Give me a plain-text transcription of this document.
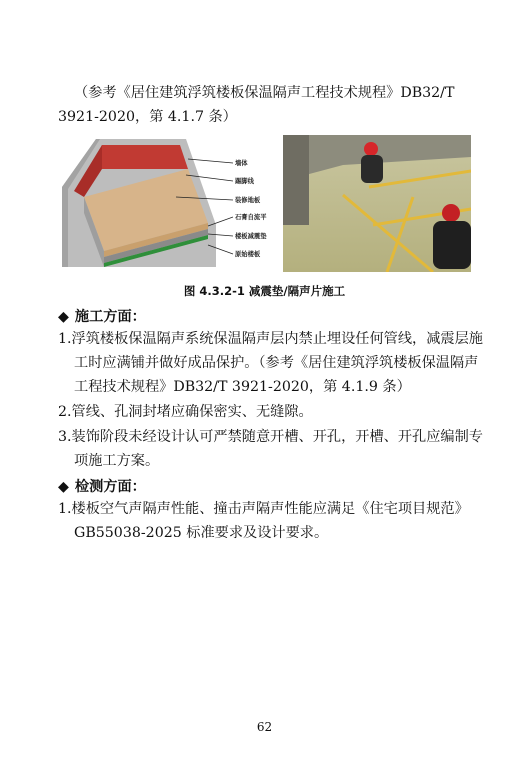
（参考《居住建筑浮筑楼板保温隔声工程技术规程》DB32/T
3921-2020，第 4.1.7 条）
墙体
踢脚线
装修地板
石膏自流平
楼板减震垫
原始楼板
图 4.3.2-1 减震垫/隔声片施工
◆ 施工方面：
1.浮筑楼板保温隔声系统保温隔声层内禁止埋设任何管线，减震层施
工时应满铺并做好成品保护。（参考《居住建筑浮筑楼板保温隔声
工程技术规程》DB32/T 3921-2020，第 4.1.9 条）
2.管线、孔洞封堵应确保密实、无缝隙。
3.装饰阶段未经设计认可严禁随意开槽、开孔，开槽、开孔应编制专
项施工方案。
◆ 检测方面：
1.楼板空气声隔声性能、撞击声隔声性能应满足《住宅项目规范》
GB55038-2025 标准要求及设计要求。
62
